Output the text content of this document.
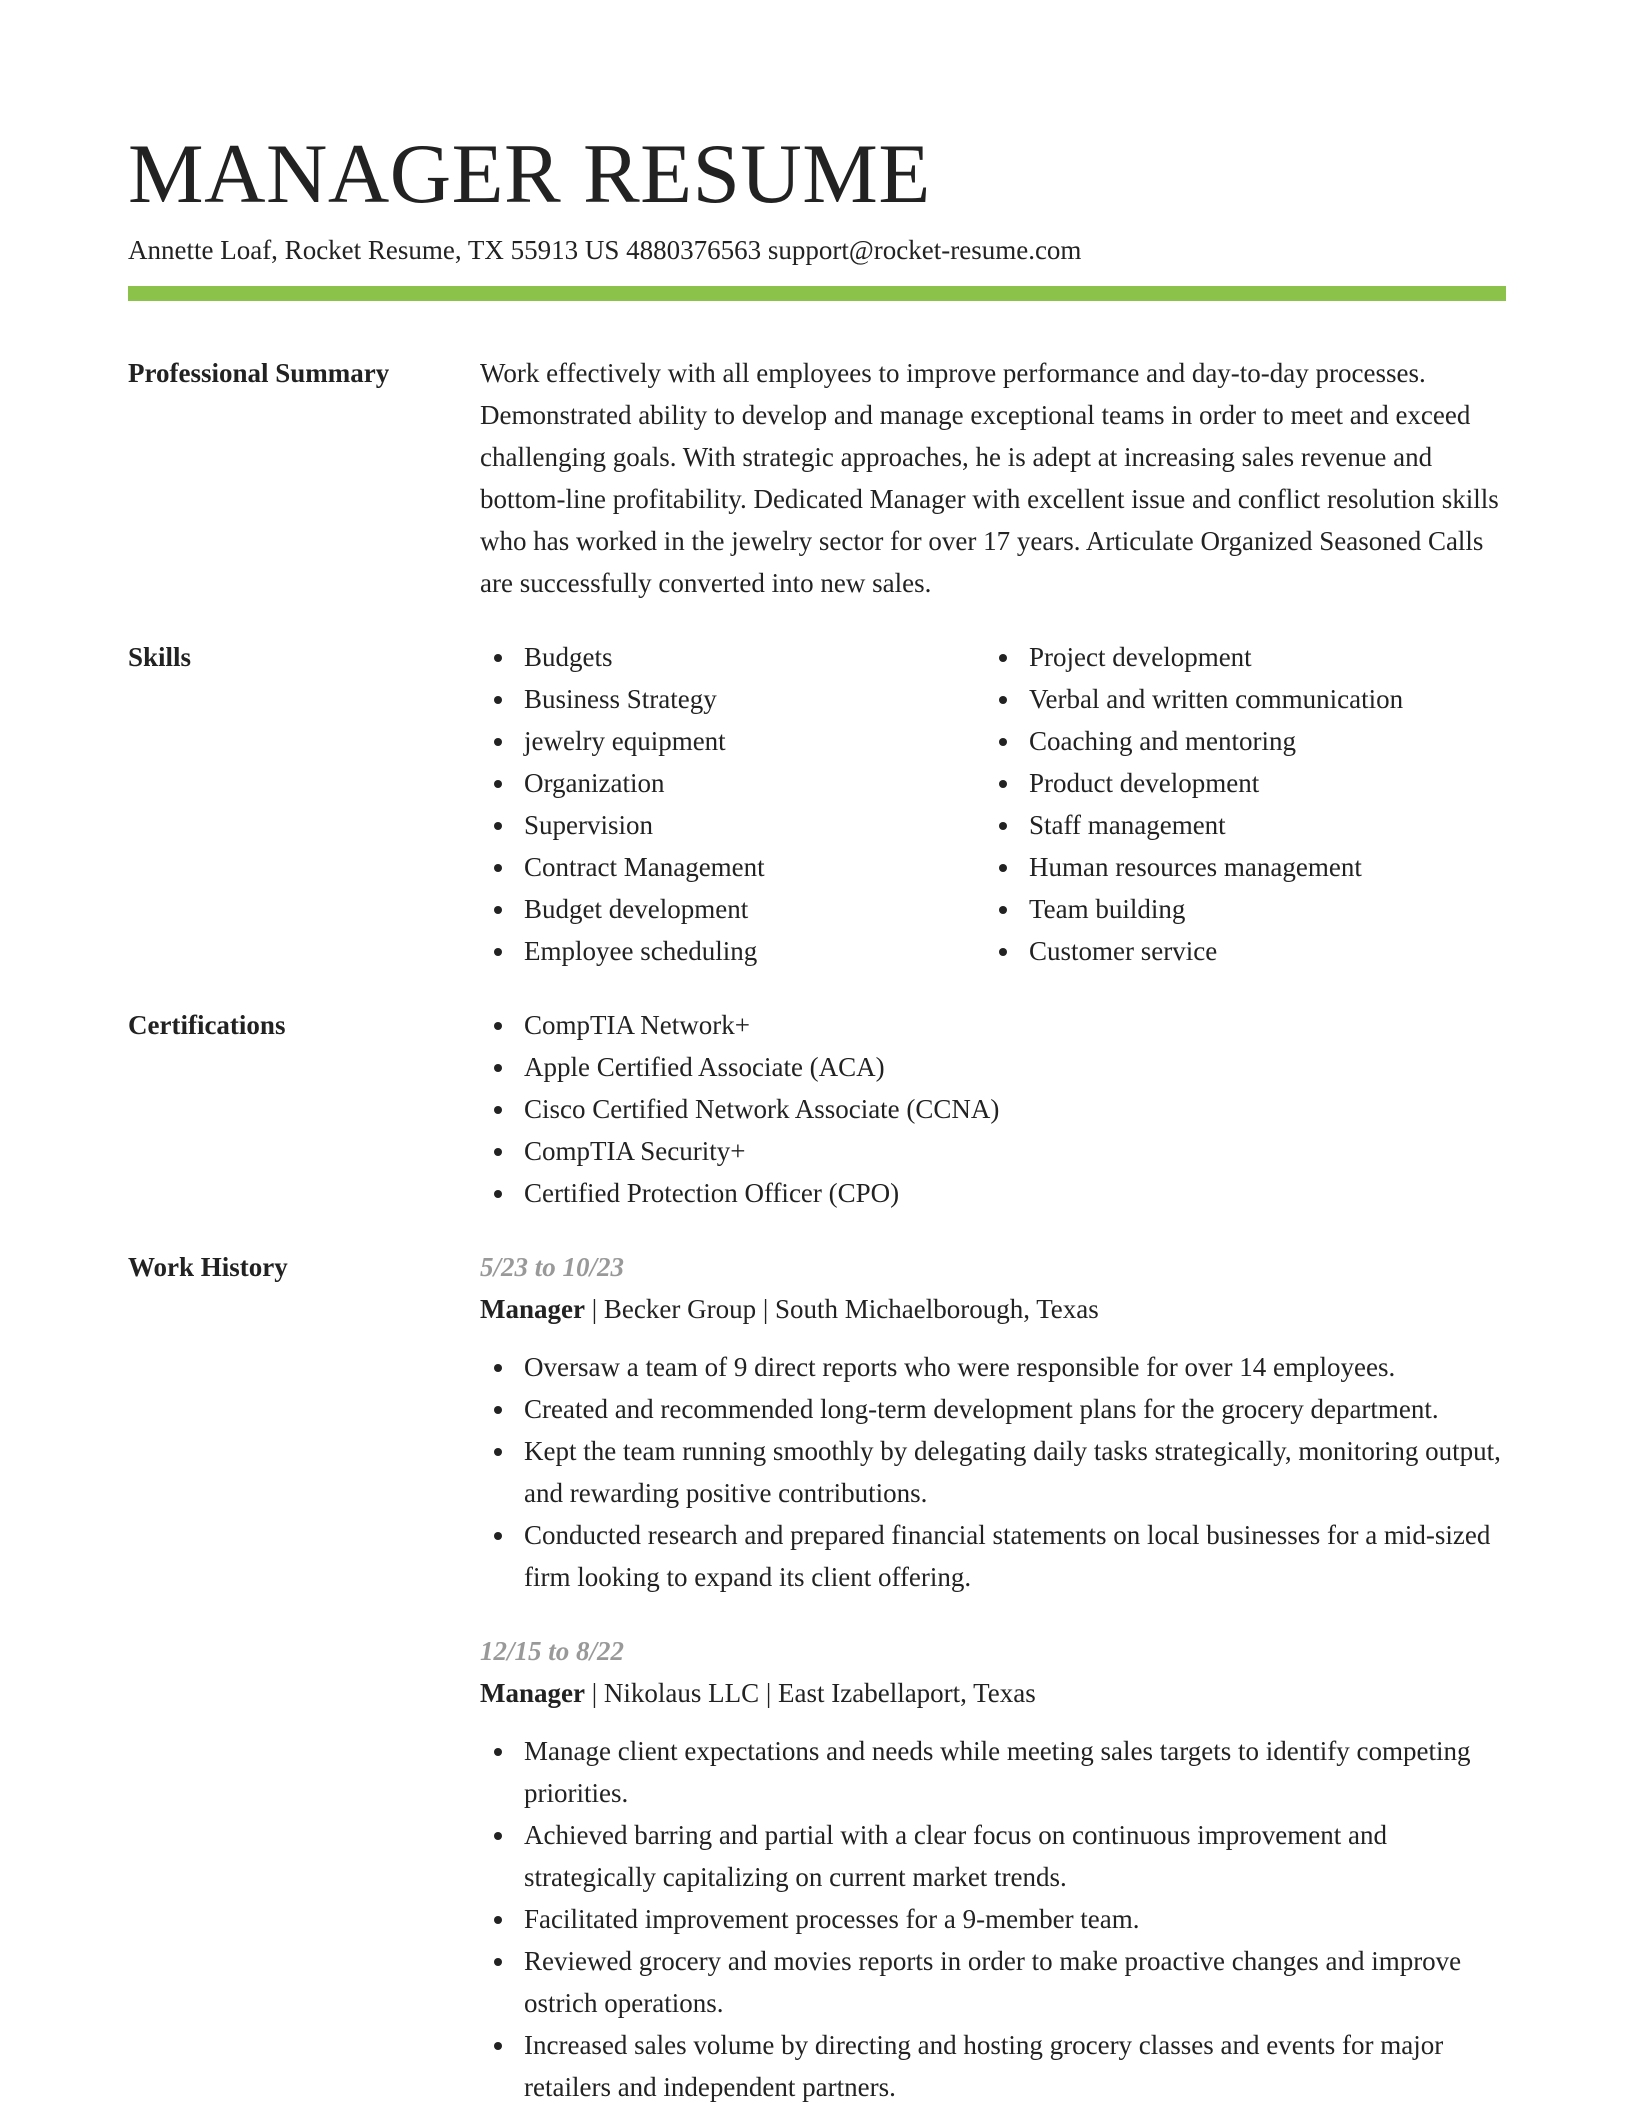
MANAGER RESUME
Annette Loaf, Rocket Resume, TX 55913 US 4880376563 support@rocket-resume.com
Professional Summary	Work effectively with all employees to improve performance and day-to-day processes. Demonstrated ability to develop and manage exceptional teams in order to meet and exceed challenging goals. With strategic approaches, he is adept at increasing sales revenue and bottom-line profitability. Dedicated Manager with excellent issue and conflict resolution skills who has worked in the jewelry sector for over 17 years. Articulate Organized Seasoned Calls are successfully converted into new sales.
Skills	Budgets
Business Strategy
jewelry equipment
Organization
Supervision
Contract Management
Budget development
Employee scheduling
Project development
Verbal and written communication
Coaching and mentoring
Product development
Staff management
Human resources management
Team building
Customer service
Certifications	CompTIA Network+
Apple Certified Associate (ACA)
Cisco Certified Network Associate (CCNA)
CompTIA Security+
Certified Protection Officer (CPO)
Work History	5/23 to 10/23
Manager | Becker Group | South Michaelborough, Texas
Oversaw a team of 9 direct reports who were responsible for over 14 employees.
Created and recommended long-term development plans for the grocery department.
Kept the team running smoothly by delegating daily tasks strategically, monitoring output, and rewarding positive contributions.
Conducted research and prepared financial statements on local businesses for a mid-sized firm looking to expand its client offering.
12/15 to 8/22
Manager | Nikolaus LLC | East Izabellaport, Texas
Manage client expectations and needs while meeting sales targets to identify competing priorities.
Achieved barring and partial with a clear focus on continuous improvement and strategically capitalizing on current market trends.
Facilitated improvement processes for a 9-member team.
Reviewed grocery and movies reports in order to make proactive changes and improve ostrich operations.
Increased sales volume by directing and hosting grocery classes and events for major retailers and independent partners.
